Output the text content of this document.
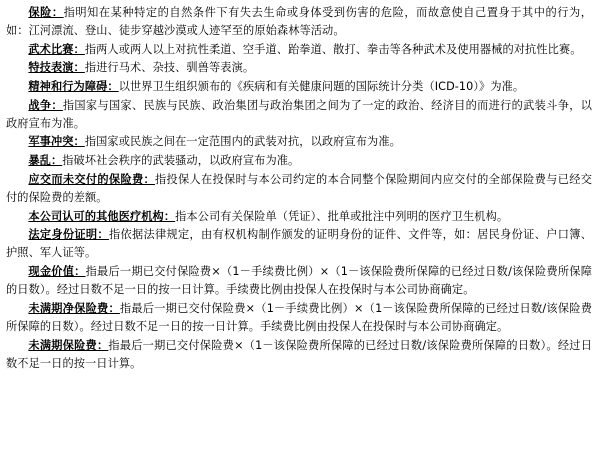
保险：指明知在某种特定的自然条件下有失去生命或身体受到伤害的危险，而故意使自己置身于其中的行为，如：江河漂流、登山、徒步穿越沙漠或人迹罕至的原始森林等活动。

武术比赛：指两人或两人以上对抗性柔道、空手道、跆拳道、散打、拳击等各种武术及使用器械的对抗性比赛。

特技表演：指进行马术、杂技、驯兽等表演。

精神和行为障碍：以世界卫生组织颁布的《疾病和有关健康问题的国际统计分类（ICD-10）》为准。

战争：指国家与国家、民族与民族、政治集团与政治集团之间为了一定的政治、经济目的而进行的武装斗争，以政府宣布为准。

军事冲突：指国家或民族之间在一定范围内的武装对抗，以政府宣布为准。

暴乱：指破坏社会秩序的武装骚动，以政府宣布为准。

应交而未交付的保险费：指投保人在投保时与本公司约定的本合同整个保险期间内应交付的全部保险费与已经交付的保险费的差额。

本公司认可的其他医疗机构：指本公司有关保险单（凭证）、批单或批注中列明的医疗卫生机构。

法定身份证明：指依据法律规定，由有权机构制作颁发的证明身份的证件、文件等，如：居民身份证、户口簿、护照、军人证等。

现金价值：指最后一期已交付保险费×（1－手续费比例）×（1－该保险费所保障的已经过日数/该保险费所保障的日数）。经过日数不足一日的按一日计算。手续费比例由投保人在投保时与本公司协商确定。

未满期净保险费：指最后一期已交付保险费×（1－手续费比例）×（1－该保险费所保障的已经过日数/该保险费所保障的日数）。经过日数不足一日的按一日计算。手续费比例由投保人在投保时与本公司协商确定。

未满期保险费：指最后一期已交付保险费×（1－该保险费所保障的已经过日数/该保险费所保障的日数）。经过日数不足一日的按一日计算。
